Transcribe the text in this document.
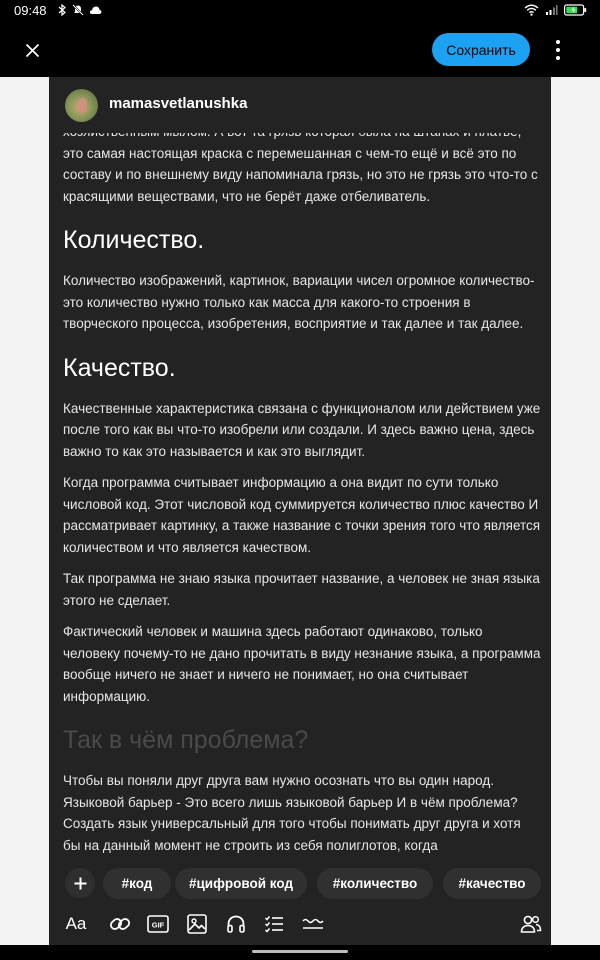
09:48
Сохранить
mamasvetlanushka

это самая настоящая краска с перемешанная с чем-то ещё и всё это по составу и по внешнему виду напоминала грязь, но это не грязь это что-то с красящими веществами, что не берёт даже отбеливатель.

Количество.

Количество изображений, картинок, вариации чисел огромное количество-это количество нужно только как масса для какого-то строения в творческого процесса, изобретения, восприятие и так далее и так далее.

Качество.

Качественные характеристика связана с функционалом или действием уже после того как вы что-то изобрели или создали. И здесь важно цена, здесь важно то как это называется и как это выглядит.

Когда программа считывает информацию а она видит по сути только числовой код. Этот числовой код суммируется количество плюс качество И рассматривает картинку, а также название с точки зрения того что является количеством и что является качеством.

Так программа не знаю языка прочитает название, а человек не зная языка этого не сделает.

Фактический человек и машина здесь работают одинаково, только человеку почему-то не дано прочитать в виду незнание языка, а программа вообще ничего не знает и ничего не понимает, но она считывает информацию.

Так в чём проблема?

Чтобы вы поняли друг друга вам нужно осознать что вы один народ. Языковой барьер - Это всего лишь языковой барьер И в чём проблема? Создать язык универсальный для того чтобы понимать друг друга и хотя бы на данный момент не строить из себя полиглотов, когда

#код	#цифровой код	#количество	#качество
Aa	GIF
